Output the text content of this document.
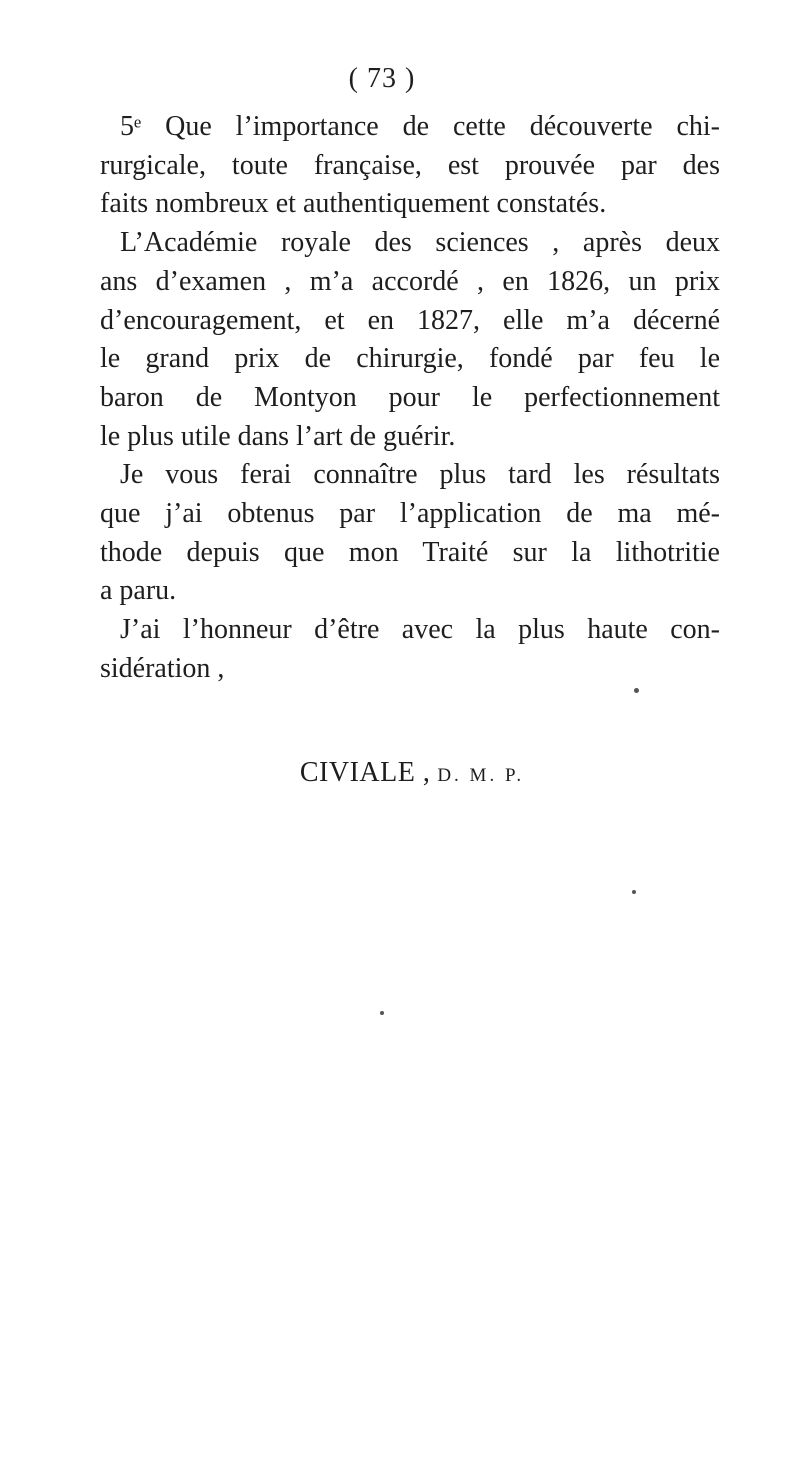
( 73 )
5ᵉ Que l’importance de cette découverte chi-
rurgicale, toute française, est prouvée par des
faits nombreux et authentiquement constatés.
L’Académie royale des sciences , après deux
ans d’examen , m’a accordé , en 1826, un prix
d’encouragement, et en 1827, elle m’a décerné
le grand prix de chirurgie, fondé par feu le
baron de Montyon pour le perfectionnement
le plus utile dans l’art de guérir.
Je vous ferai connaître plus tard les résultats
que j’ai obtenus par l’application de ma mé-
thode depuis que mon Traité sur la lithotritie
a paru.
J’ai l’honneur d’être avec la plus haute con-
sidération ,
CIVIALE , D. M. P.
